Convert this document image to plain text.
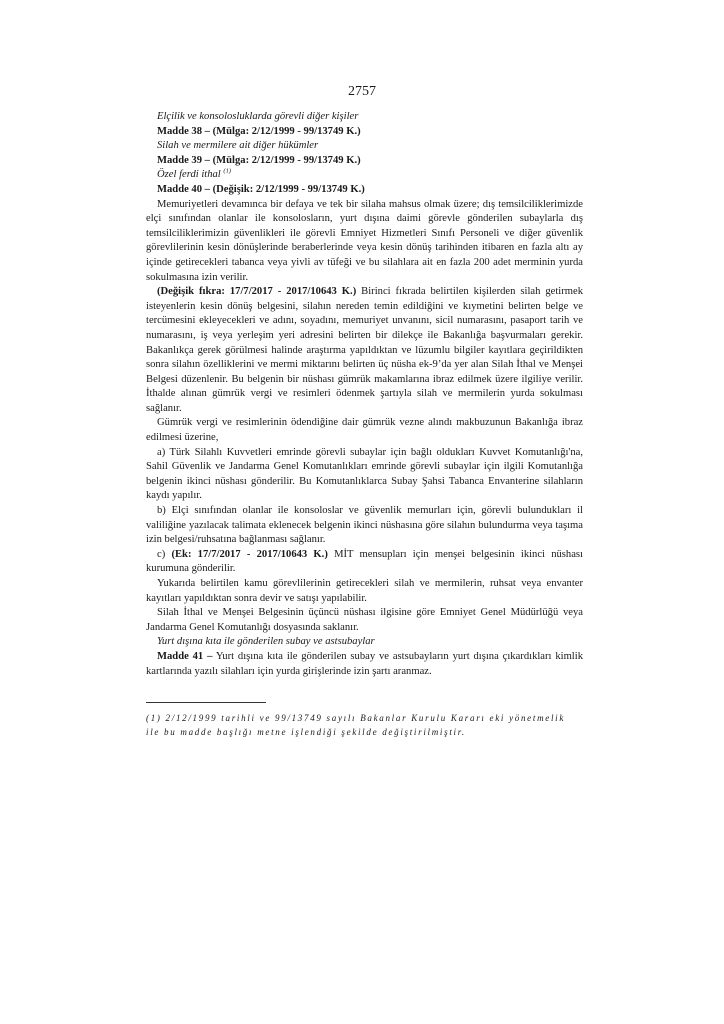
2757

Elçilik ve konsolosluklarda görevli diğer kişiler

Madde 38 – (Mülga: 2/12/1999 - 99/13749 K.)

Silah ve mermilere ait diğer hükümler

Madde 39 – (Mülga: 2/12/1999 - 99/13749 K.)

Özel ferdi ithal $^{(1)}$

Madde 40 – (Değişik: 2/12/1999 - 99/13749 K.)

Memuriyetleri devamınca bir defaya ve tek bir silaha mahsus olmak üzere; dış temsilciliklerimizde elçi sınıfından olanlar ile konsolosların, yurt dışına daimi görevle gönderilen subaylarla dış temsilciliklerimizin güvenlikleri ile görevli Emniyet Hizmetleri Sınıfı Personeli ve diğer güvenlik görevlilerinin kesin dönüşlerinde beraberlerinde veya kesin dönüş tarihinden itibaren en fazla altı ay içinde getirecekleri tabanca veya yivli av tüfeği ve bu silahlara ait en fazla 200 adet merminin yurda sokulmasına izin verilir.

(Değişik fıkra: 17/7/2017 - 2017/10643 K.) Birinci fıkrada belirtilen kişilerden silah getirmek isteyenlerin kesin dönüş belgesini, silahın nereden temin edildiğini ve kıymetini belirten belge ve tercümesini ekleyecekleri ve adını, soyadını, memuriyet unvanını, sicil numarasını, pasaport tarih ve numarasını, iş veya yerleşim yeri adresini belirten bir dilekçe ile Bakanlığa başvurmaları gerekir. Bakanlıkça gerek görülmesi halinde araştırma yapıldıktan ve lüzumlu bilgiler kayıtlara geçirildikten sonra silahın özelliklerini ve mermi miktarını belirten üç nüsha ek-9’da yer alan Silah İthal ve Menşei Belgesi düzenlenir. Bu belgenin bir nüshası gümrük makamlarına ibraz edilmek üzere ilgiliye verilir. İthalde alınan gümrük vergi ve resimleri ödenmek şartıyla silah ve mermilerin yurda sokulması sağlanır.

Gümrük vergi ve resimlerinin ödendiğine dair gümrük vezne alındı makbuzunun Bakanlığa ibraz edilmesi üzerine,

a) Türk Silahlı Kuvvetleri emrinde görevli subaylar için bağlı oldukları Kuvvet Komutanlığı'na, Sahil Güvenlik ve Jandarma Genel Komutanlıkları emrinde görevli subaylar için ilgili Komutanlığa belgenin ikinci nüshası gönderilir. Bu Komutanlıklarca Subay Şahsi Tabanca Envanterine silahların kaydı yapılır.

b) Elçi sınıfından olanlar ile konsoloslar ve güvenlik memurları için, görevli bulundukları il valiliğine yazılacak talimata eklenecek belgenin ikinci nüshasına göre silahın bulundurma veya taşıma izin belgesi/ruhsatına bağlanması sağlanır.

c) (Ek: 17/7/2017 - 2017/10643 K.) MİT mensupları için menşei belgesinin ikinci nüshası kurumuna gönderilir.

Yukarıda belirtilen kamu görevlilerinin getirecekleri silah ve mermilerin, ruhsat veya envanter kayıtları yapıldıktan sonra devir ve satışı yapılabilir.

Silah İthal ve Menşei Belgesinin üçüncü nüshası ilgisine göre Emniyet Genel Müdürlüğü veya Jandarma Genel Komutanlığı dosyasında saklanır.

Yurt dışına kıta ile gönderilen subay ve astsubaylar

Madde 41 – Yurt dışına kıta ile gönderilen subay ve astsubayların yurt dışına çıkardıkları kimlik kartlarında yazılı silahları için yurda girişlerinde izin şartı aranmaz.

(1) 2/12/1999 tarihli ve 99/13749 sayılı Bakanlar Kurulu Kararı eki yönetmelik ile bu madde başlığı metne işlendiği şekilde değiştirilmiştir.
